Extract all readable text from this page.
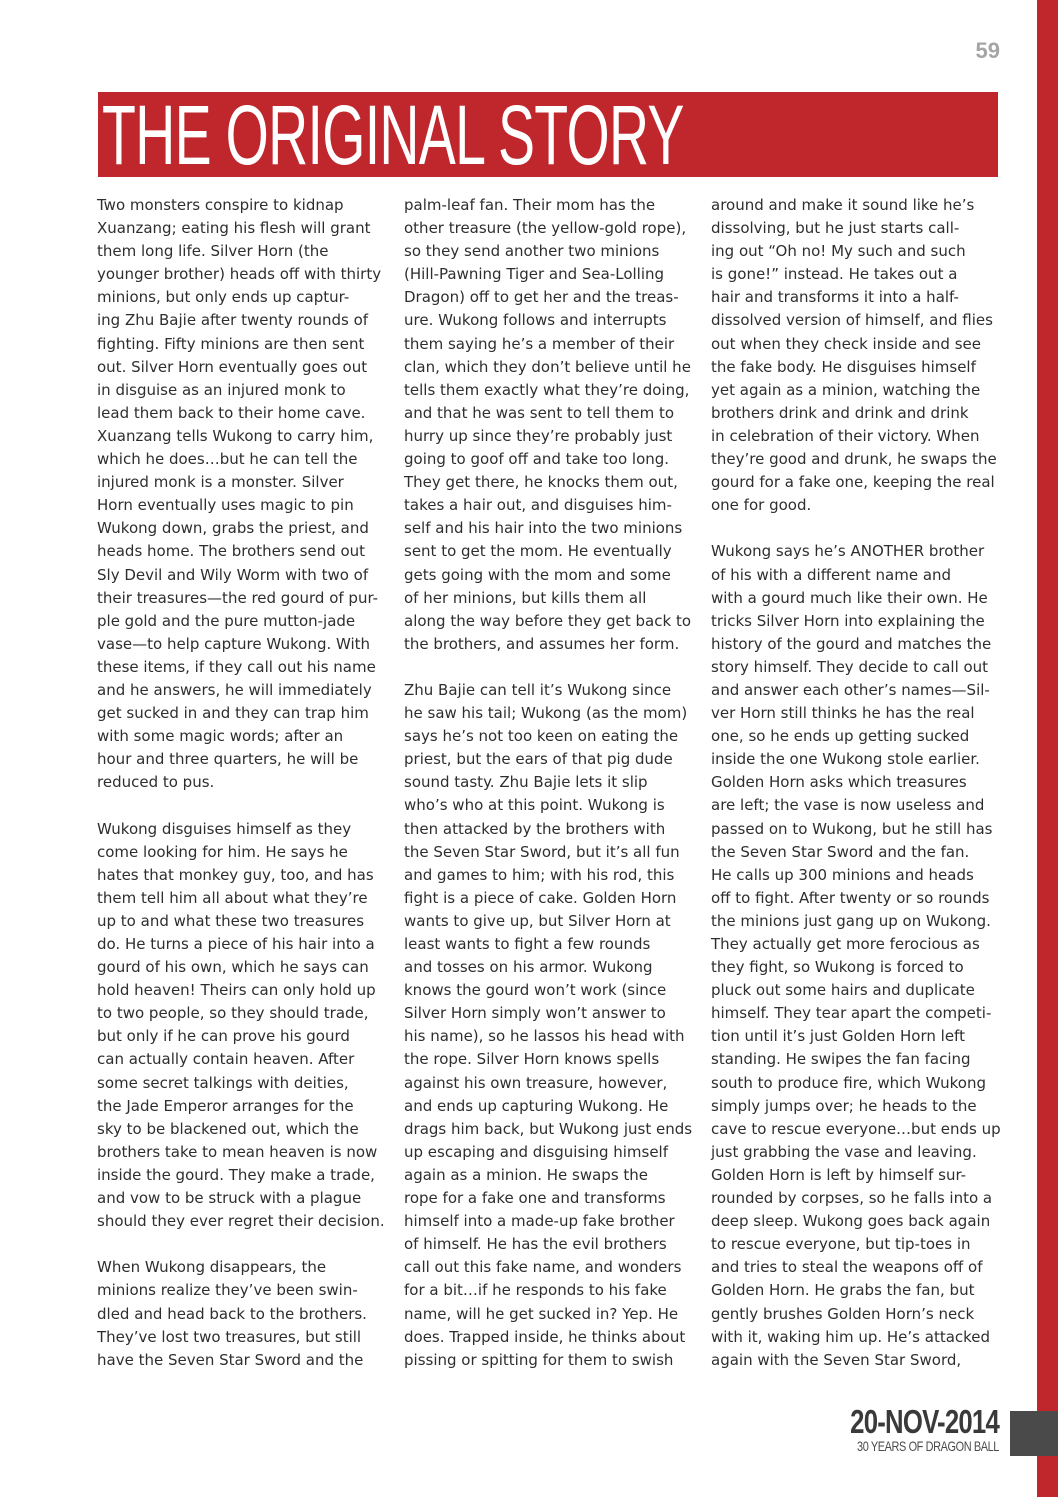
59
THE ORIGINAL STORY

Two monsters conspire to kidnap
Xuanzang; eating his flesh will grant
them long life. Silver Horn (the
younger brother) heads off with thirty
minions, but only ends up captur-
ing Zhu Bajie after twenty rounds of
fighting. Fifty minions are then sent
out. Silver Horn eventually goes out
in disguise as an injured monk to
lead them back to their home cave.
Xuanzang tells Wukong to carry him,
which he does…but he can tell the
injured monk is a monster. Silver
Horn eventually uses magic to pin
Wukong down, grabs the priest, and
heads home. The brothers send out
Sly Devil and Wily Worm with two of
their treasures—the red gourd of pur-
ple gold and the pure mutton-jade
vase—to help capture Wukong. With
these items, if they call out his name
and he answers, he will immediately
get sucked in and they can trap him
with some magic words; after an
hour and three quarters, he will be
reduced to pus.

Wukong disguises himself as they
come looking for him. He says he
hates that monkey guy, too, and has
them tell him all about what they’re
up to and what these two treasures
do. He turns a piece of his hair into a
gourd of his own, which he says can
hold heaven! Theirs can only hold up
to two people, so they should trade,
but only if he can prove his gourd
can actually contain heaven. After
some secret talkings with deities,
the Jade Emperor arranges for the
sky to be blackened out, which the
brothers take to mean heaven is now
inside the gourd. They make a trade,
and vow to be struck with a plague
should they ever regret their decision.

When Wukong disappears, the
minions realize they’ve been swin-
dled and head back to the brothers.
They’ve lost two treasures, but still
have the Seven Star Sword and the

palm-leaf fan. Their mom has the
other treasure (the yellow-gold rope),
so they send another two minions
(Hill-Pawning Tiger and Sea-Lolling
Dragon) off to get her and the treas-
ure. Wukong follows and interrupts
them saying he’s a member of their
clan, which they don’t believe until he
tells them exactly what they’re doing,
and that he was sent to tell them to
hurry up since they’re probably just
going to goof off and take too long.
They get there, he knocks them out,
takes a hair out, and disguises him-
self and his hair into the two minions
sent to get the mom. He eventually
gets going with the mom and some
of her minions, but kills them all
along the way before they get back to
the brothers, and assumes her form.

Zhu Bajie can tell it’s Wukong since
he saw his tail; Wukong (as the mom)
says he’s not too keen on eating the
priest, but the ears of that pig dude
sound tasty. Zhu Bajie lets it slip
who’s who at this point. Wukong is
then attacked by the brothers with
the Seven Star Sword, but it’s all fun
and games to him; with his rod, this
fight is a piece of cake. Golden Horn
wants to give up, but Silver Horn at
least wants to fight a few rounds
and tosses on his armor. Wukong
knows the gourd won’t work (since
Silver Horn simply won’t answer to
his name), so he lassos his head with
the rope. Silver Horn knows spells
against his own treasure, however,
and ends up capturing Wukong. He
drags him back, but Wukong just ends
up escaping and disguising himself
again as a minion. He swaps the
rope for a fake one and transforms
himself into a made-up fake brother
of himself. He has the evil brothers
call out this fake name, and wonders
for a bit…if he responds to his fake
name, will he get sucked in? Yep. He
does. Trapped inside, he thinks about
pissing or spitting for them to swish

around and make it sound like he’s
dissolving, but he just starts call-
ing out “Oh no! My such and such
is gone!” instead. He takes out a
hair and transforms it into a half-
dissolved version of himself, and flies
out when they check inside and see
the fake body. He disguises himself
yet again as a minion, watching the
brothers drink and drink and drink
in celebration of their victory. When
they’re good and drunk, he swaps the
gourd for a fake one, keeping the real
one for good.

Wukong says he’s ANOTHER brother
of his with a different name and
with a gourd much like their own. He
tricks Silver Horn into explaining the
history of the gourd and matches the
story himself. They decide to call out
and answer each other’s names—Sil-
ver Horn still thinks he has the real
one, so he ends up getting sucked
inside the one Wukong stole earlier.
Golden Horn asks which treasures
are left; the vase is now useless and
passed on to Wukong, but he still has
the Seven Star Sword and the fan.
He calls up 300 minions and heads
off to fight. After twenty or so rounds
the minions just gang up on Wukong.
They actually get more ferocious as
they fight, so Wukong is forced to
pluck out some hairs and duplicate
himself. They tear apart the competi-
tion until it’s just Golden Horn left
standing. He swipes the fan facing
south to produce fire, which Wukong
simply jumps over; he heads to the
cave to rescue everyone…but ends up
just grabbing the vase and leaving.
Golden Horn is left by himself sur-
rounded by corpses, so he falls into a
deep sleep. Wukong goes back again
to rescue everyone, but tip-toes in
and tries to steal the weapons off of
Golden Horn. He grabs the fan, but
gently brushes Golden Horn’s neck
with it, waking him up. He’s attacked
again with the Seven Star Sword,

20-NOV-2014
30 YEARS OF DRAGON BALL
